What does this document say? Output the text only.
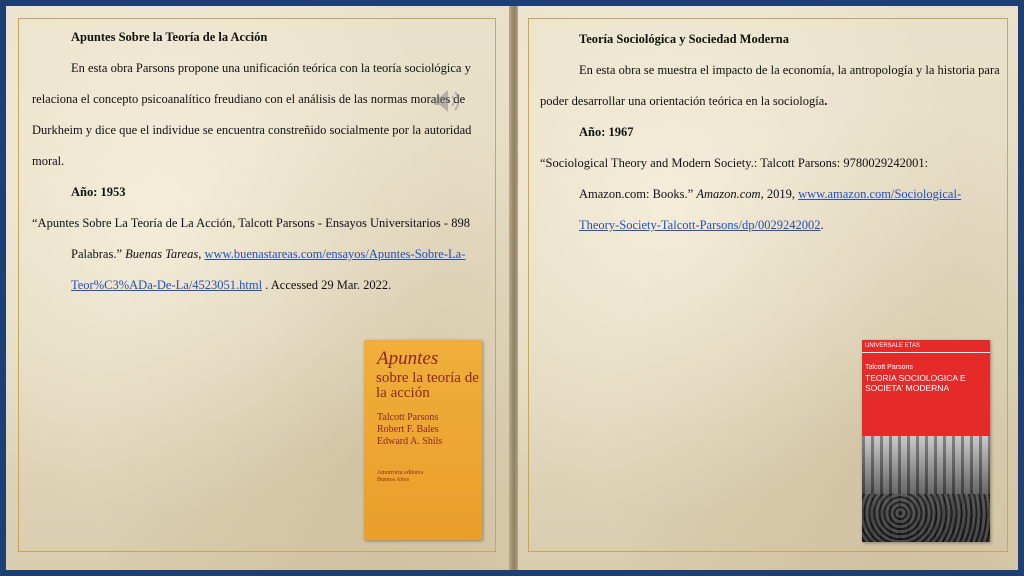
Apuntes Sobre la Teoría de la Acción

En esta obra Parsons propone una unificación teórica con la teoría sociológica y relaciona el concepto psicoanalítico freudiano con el análisis de las normas morales de Durkheim y dice que el individue se encuentra constreñido socialmente por la autoridad moral.

Año: 1953

“Apuntes Sobre La Teoría de La Acción, Talcott Parsons - Ensayos Universitarios - 898 Palabras.” Buenas Tareas, www.buenastareas.com/ensayos/Apuntes-Sobre-La-Teor%C3%ADa-De-La/4523051.html . Accessed 29 Mar. 2022.

Apuntes
sobre la teoría de la acción
Talcott Parsons
Robert F. Bales
Edward A. Shils
Amorrortu editores
Buenos Aires

Teoría Sociológica y Sociedad Moderna

En esta obra se muestra el impacto de la economía, la antropología y la historia para poder desarrollar una orientación teórica en la sociología.

Año: 1967

“Sociological Theory and Modern Society.: Talcott Parsons: 9780029242001: Amazon.com: Books.” Amazon.com, 2019, www.amazon.com/Sociological-Theory-Society-Talcott-Parsons/dp/0029242002.

UNIVERSALE ETAS
Talcott Parsons
TEORIA SOCIOLOGICA E SOCIETA' MODERNA
